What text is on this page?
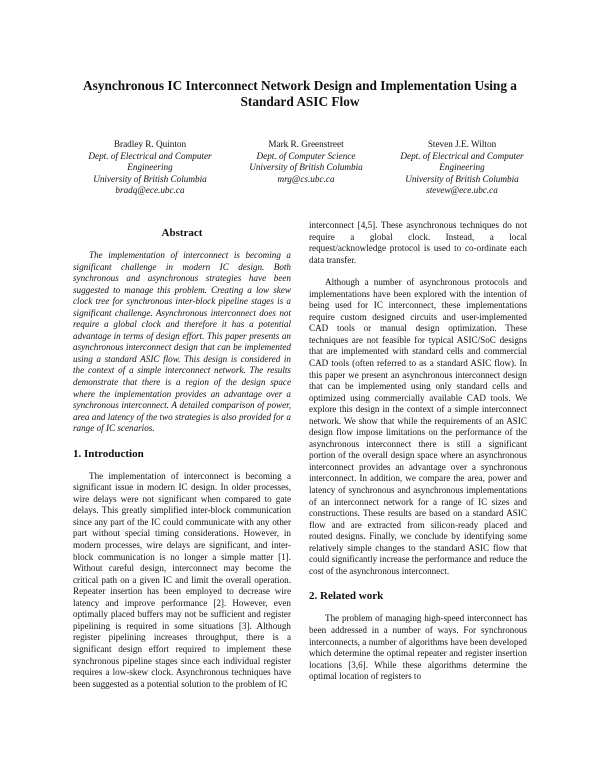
Asynchronous IC Interconnect Network Design and Implementation Using a Standard ASIC Flow
Bradley R. Quinton
Dept. of Electrical and Computer
Engineering
University of British Columbia
bradq@ece.ubc.ca
Mark R. Greenstreet
Dept. of Computer Science
University of British Columbia
mrg@cs.ubc.ca
Steven J.E. Wilton
Dept. of Electrical and Computer
Engineering
University of British Columbia
stevew@ece.ubc.ca
Abstract

The implementation of interconnect is becoming a significant challenge in modern IC design. Both synchronous and asynchronous strategies have been suggested to manage this problem. Creating a low skew clock tree for synchronous inter-block pipeline stages is a significant challenge. Asynchronous interconnect does not require a global clock and therefore it has a potential advantage in terms of design effort. This paper presents an asynchronous interconnect design that can be implemented using a standard ASIC flow. This design is considered in the context of a simple interconnect network. The results demonstrate that there is a region of the design space where the implementation provides an advantage over a synchronous interconnect. A detailed comparison of power, area and latency of the two strategies is also provided for a range of IC scenarios.

1. Introduction

The implementation of interconnect is becoming a significant issue in modern IC design. In older processes, wire delays were not significant when compared to gate delays. This greatly simplified inter-block communication since any part of the IC could communicate with any other part without special timing considerations. However, in modern processes, wire delays are significant, and inter-block communication is no longer a simple matter [1]. Without careful design, interconnect may become the critical path on a given IC and limit the overall operation. Repeater insertion has been employed to decrease wire latency and improve performance [2]. However, even optimally placed buffers may not be sufficient and register pipelining is required in some situations [3]. Although register pipelining increases throughput, there is a significant design effort required to implement these synchronous pipeline stages since each individual register requires a low-skew clock. Asynchronous techniques have been suggested as a potential solution to the problem of IC

interconnect [4,5]. These asynchronous techniques do not require a global clock. Instead, a local request/acknowledge protocol is used to co-ordinate each data transfer.

Although a number of asynchronous protocols and implementations have been explored with the intention of being used for IC interconnect, these implementations require custom designed circuits and user-implemented CAD tools or manual design optimization. These techniques are not feasible for typical ASIC/SoC designs that are implemented with standard cells and commercial CAD tools (often referred to as a standard ASIC flow). In this paper we present an asynchronous interconnect design that can be implemented using only standard cells and optimized using commercially available CAD tools. We explore this design in the context of a simple interconnect network. We show that while the requirements of an ASIC design flow impose limitations on the performance of the asynchronous interconnect there is still a significant portion of the overall design space where an asynchronous interconnect provides an advantage over a synchronous interconnect. In addition, we compare the area, power and latency of synchronous and asynchronous implementations of an interconnect network for a range of IC sizes and constructions. These results are based on a standard ASIC flow and are extracted from silicon-ready placed and routed designs. Finally, we conclude by identifying some relatively simple changes to the standard ASIC flow that could significantly increase the performance and reduce the cost of the asynchronous interconnect.

2. Related work

The problem of managing high-speed interconnect has been addressed in a number of ways. For synchronous interconnects, a number of algorithms have been developed which determine the optimal repeater and register insertion locations [3,6]. While these algorithms determine the optimal location of registers to
